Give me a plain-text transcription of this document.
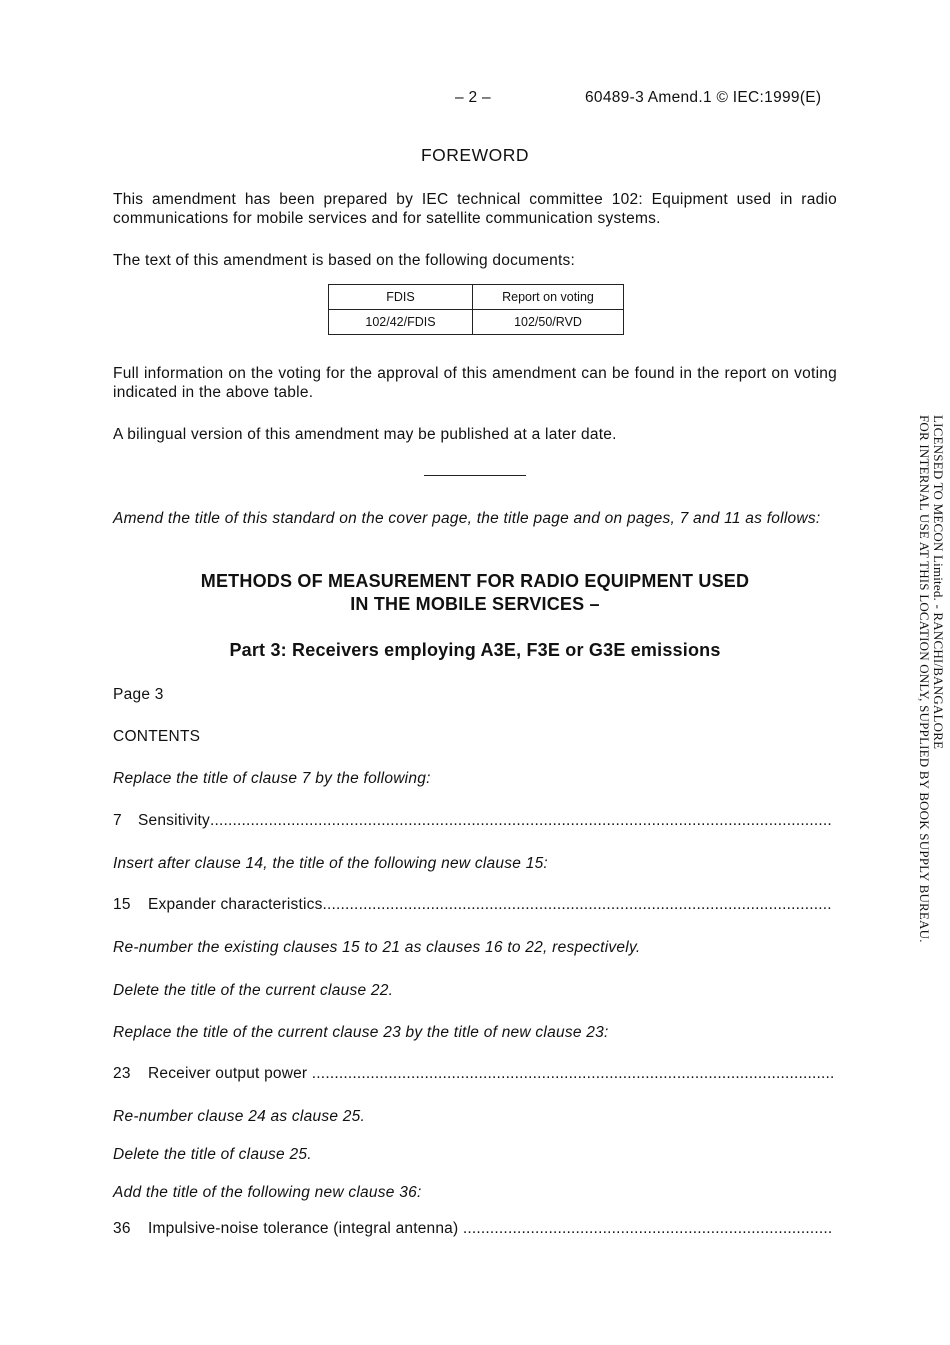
– 2 –	60489-3 Amend.1 © IEC:1999(E)
FOREWORD
This amendment has been prepared by IEC technical committee 102: Equipment used in radio communications for mobile services and for satellite communication systems.
The text of this amendment is based on the following documents:
FDIS	Report on voting
102/42/FDIS	102/50/RVD
Full information on the voting for the approval of this amendment can be found in the report on voting indicated in the above table.
A bilingual version of this amendment may be published at a later date.
Amend the title of this standard on the cover page, the title page and on pages, 7 and 11 as follows:
METHODS OF MEASUREMENT FOR RADIO EQUIPMENT USED
IN THE MOBILE SERVICES –
Part 3: Receivers employing A3E, F3E or G3E emissions
Page 3
CONTENTS
Replace the title of clause 7 by the following:
7	Sensitivity
.....
Insert after clause 14, the title of the following new clause 15:
15	Expander characteristics
.....
Re-number the existing clauses 15 to 21 as clauses 16 to 22, respectively.
Delete the title of the current clause 22.
Replace the title of the current clause 23 by the title of new clause 23:
23	Receiver output power
.....
Re-number clause 24 as clause 25.
Delete the title of clause 25.
Add the title of the following new clause 36:
36	Impulsive-noise tolerance (integral antenna)
.....
LICENSED TO MECON Limited. - RANCHI/BANGALORE
FOR INTERNAL USE AT THIS LOCATION ONLY, SUPPLIED BY BOOK SUPPLY BUREAU.
